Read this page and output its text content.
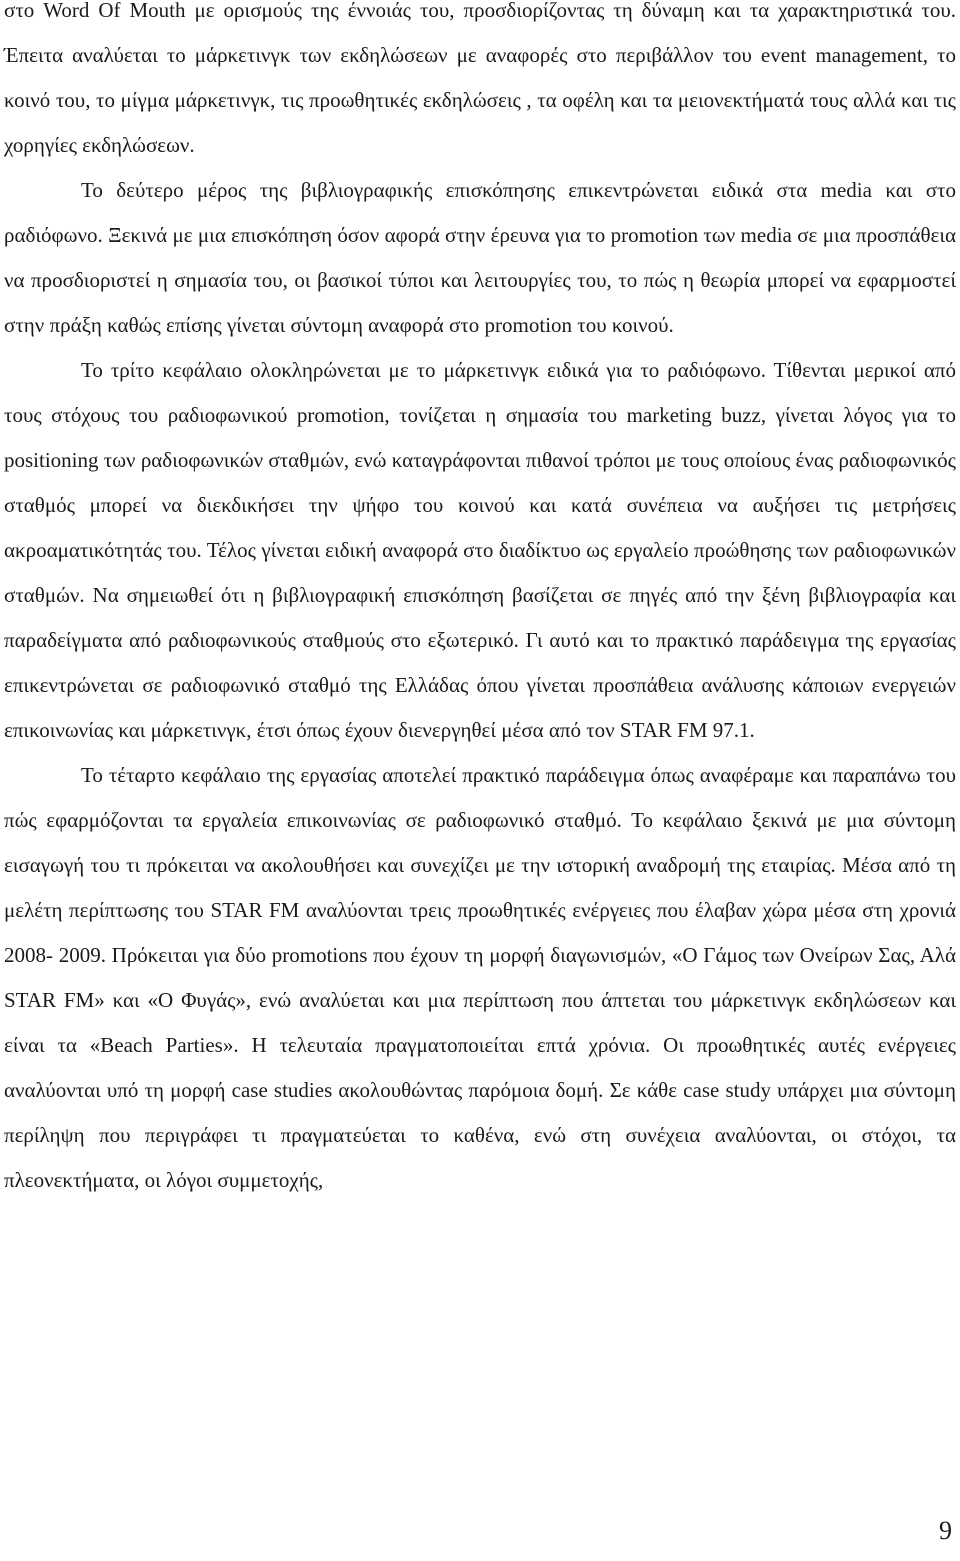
στο Word Of Mouth με ορισμούς της έννοιάς του, προσδιορίζοντας τη δύναμη και τα χαρακτηριστικά του. Έπειτα αναλύεται το μάρκετινγκ των εκδηλώσεων με αναφορές στο περιβάλλον του event management, το κοινό του, το μίγμα μάρκετινγκ, τις προωθητικές εκδηλώσεις , τα οφέλη και τα μειονεκτήματά τους αλλά και τις χορηγίες εκδηλώσεων.

Το δεύτερο μέρος της βιβλιογραφικής επισκόπησης επικεντρώνεται ειδικά στα media και στο ραδιόφωνο. Ξεκινά με μια επισκόπηση όσον αφορά στην έρευνα για το promotion των media σε μια προσπάθεια να προσδιοριστεί η σημασία του, οι βασικοί τύποι και λειτουργίες του, το πώς η θεωρία μπορεί να εφαρμοστεί στην πράξη καθώς επίσης γίνεται σύντομη αναφορά στο promotion του κοινού.

Το τρίτο κεφάλαιο ολοκληρώνεται με το μάρκετινγκ ειδικά για το ραδιόφωνο. Τίθενται μερικοί από τους στόχους του ραδιοφωνικού promotion, τονίζεται η σημασία του marketing buzz, γίνεται λόγος για το positioning των ραδιοφωνικών σταθμών, ενώ καταγράφονται πιθανοί τρόποι με τους οποίους ένας ραδιοφωνικός σταθμός μπορεί να διεκδικήσει την ψήφο του κοινού και κατά συνέπεια να αυξήσει τις μετρήσεις ακροαματικότητάς του. Τέλος γίνεται ειδική αναφορά στο διαδίκτυο ως εργαλείο προώθησης των ραδιοφωνικών σταθμών. Να σημειωθεί ότι η βιβλιογραφική επισκόπηση βασίζεται σε πηγές από την ξένη βιβλιογραφία και παραδείγματα από ραδιοφωνικούς σταθμούς στο εξωτερικό. Γι αυτό και το πρακτικό παράδειγμα της εργασίας επικεντρώνεται σε ραδιοφωνικό σταθμό της Ελλάδας όπου γίνεται προσπάθεια ανάλυσης κάποιων ενεργειών επικοινωνίας και μάρκετινγκ, έτσι όπως έχουν διενεργηθεί μέσα από τον STAR FM 97.1.

Το τέταρτο κεφάλαιο της εργασίας αποτελεί πρακτικό παράδειγμα όπως αναφέραμε και παραπάνω του πώς εφαρμόζονται τα εργαλεία επικοινωνίας σε ραδιοφωνικό σταθμό. Το κεφάλαιο ξεκινά με μια σύντομη εισαγωγή του τι πρόκειται να ακολουθήσει και συνεχίζει με την ιστορική αναδρομή της εταιρίας. Μέσα από τη μελέτη περίπτωσης του STAR FM αναλύονται τρεις προωθητικές ενέργειες που έλαβαν χώρα μέσα στη χρονιά 2008- 2009. Πρόκειται για δύο promotions που έχουν τη μορφή διαγωνισμών, «Ο Γάμος των Ονείρων Σας, Αλά STAR FM» και «Ο Φυγάς», ενώ αναλύεται και μια περίπτωση που άπτεται του μάρκετινγκ εκδηλώσεων και είναι τα «Beach Parties». Η τελευταία πραγματοποιείται επτά χρόνια. Οι προωθητικές αυτές ενέργειες αναλύονται υπό τη μορφή case studies ακολουθώντας παρόμοια δομή. Σε κάθε case study υπάρχει μια σύντομη περίληψη που περιγράφει τι πραγματεύεται το καθένα, ενώ στη συνέχεια αναλύονται, οι στόχοι, τα πλεονεκτήματα, οι λόγοι συμμετοχής,

9
